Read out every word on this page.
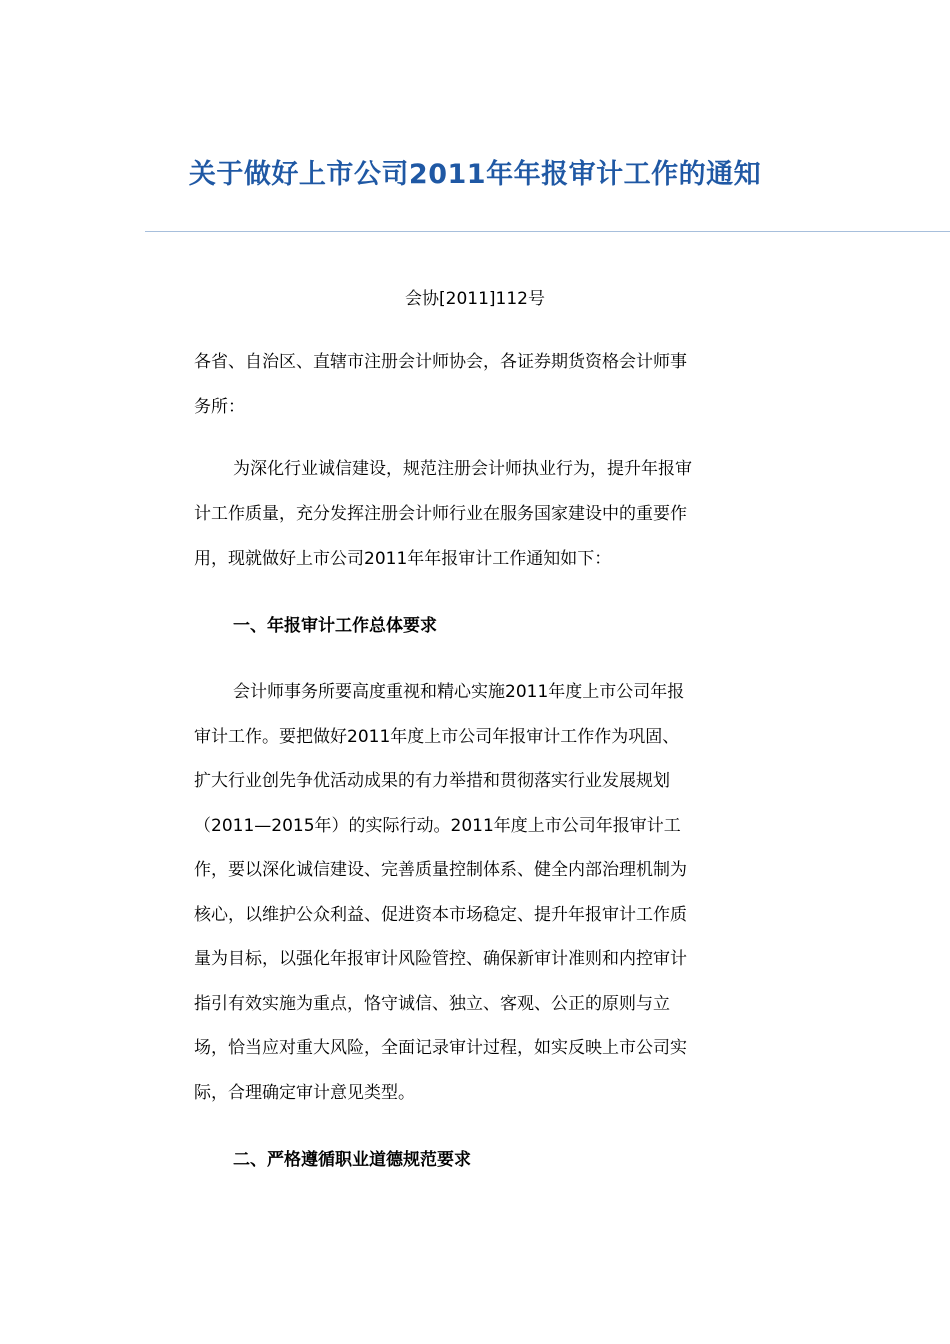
关于做好上市公司2011年年报审计工作的通知
会协[2011]112号
各省、自治区、直辖市注册会计师协会，各证券期货资格会计师事
务所：
为深化行业诚信建设，规范注册会计师执业行为，提升年报审
计工作质量，充分发挥注册会计师行业在服务国家建设中的重要作
用，现就做好上市公司2011年年报审计工作通知如下：
一、年报审计工作总体要求
会计师事务所要高度重视和精心实施2011年度上市公司年报
审计工作。要把做好2011年度上市公司年报审计工作作为巩固、
扩大行业创先争优活动成果的有力举措和贯彻落实行业发展规划
（2011—2015年）的实际行动。2011年度上市公司年报审计工
作，要以深化诚信建设、完善质量控制体系、健全内部治理机制为
核心，以维护公众利益、促进资本市场稳定、提升年报审计工作质
量为目标，以强化年报审计风险管控、确保新审计准则和内控审计
指引有效实施为重点，恪守诚信、独立、客观、公正的原则与立
场，恰当应对重大风险，全面记录审计过程，如实反映上市公司实
际，合理确定审计意见类型。
二、严格遵循职业道德规范要求
